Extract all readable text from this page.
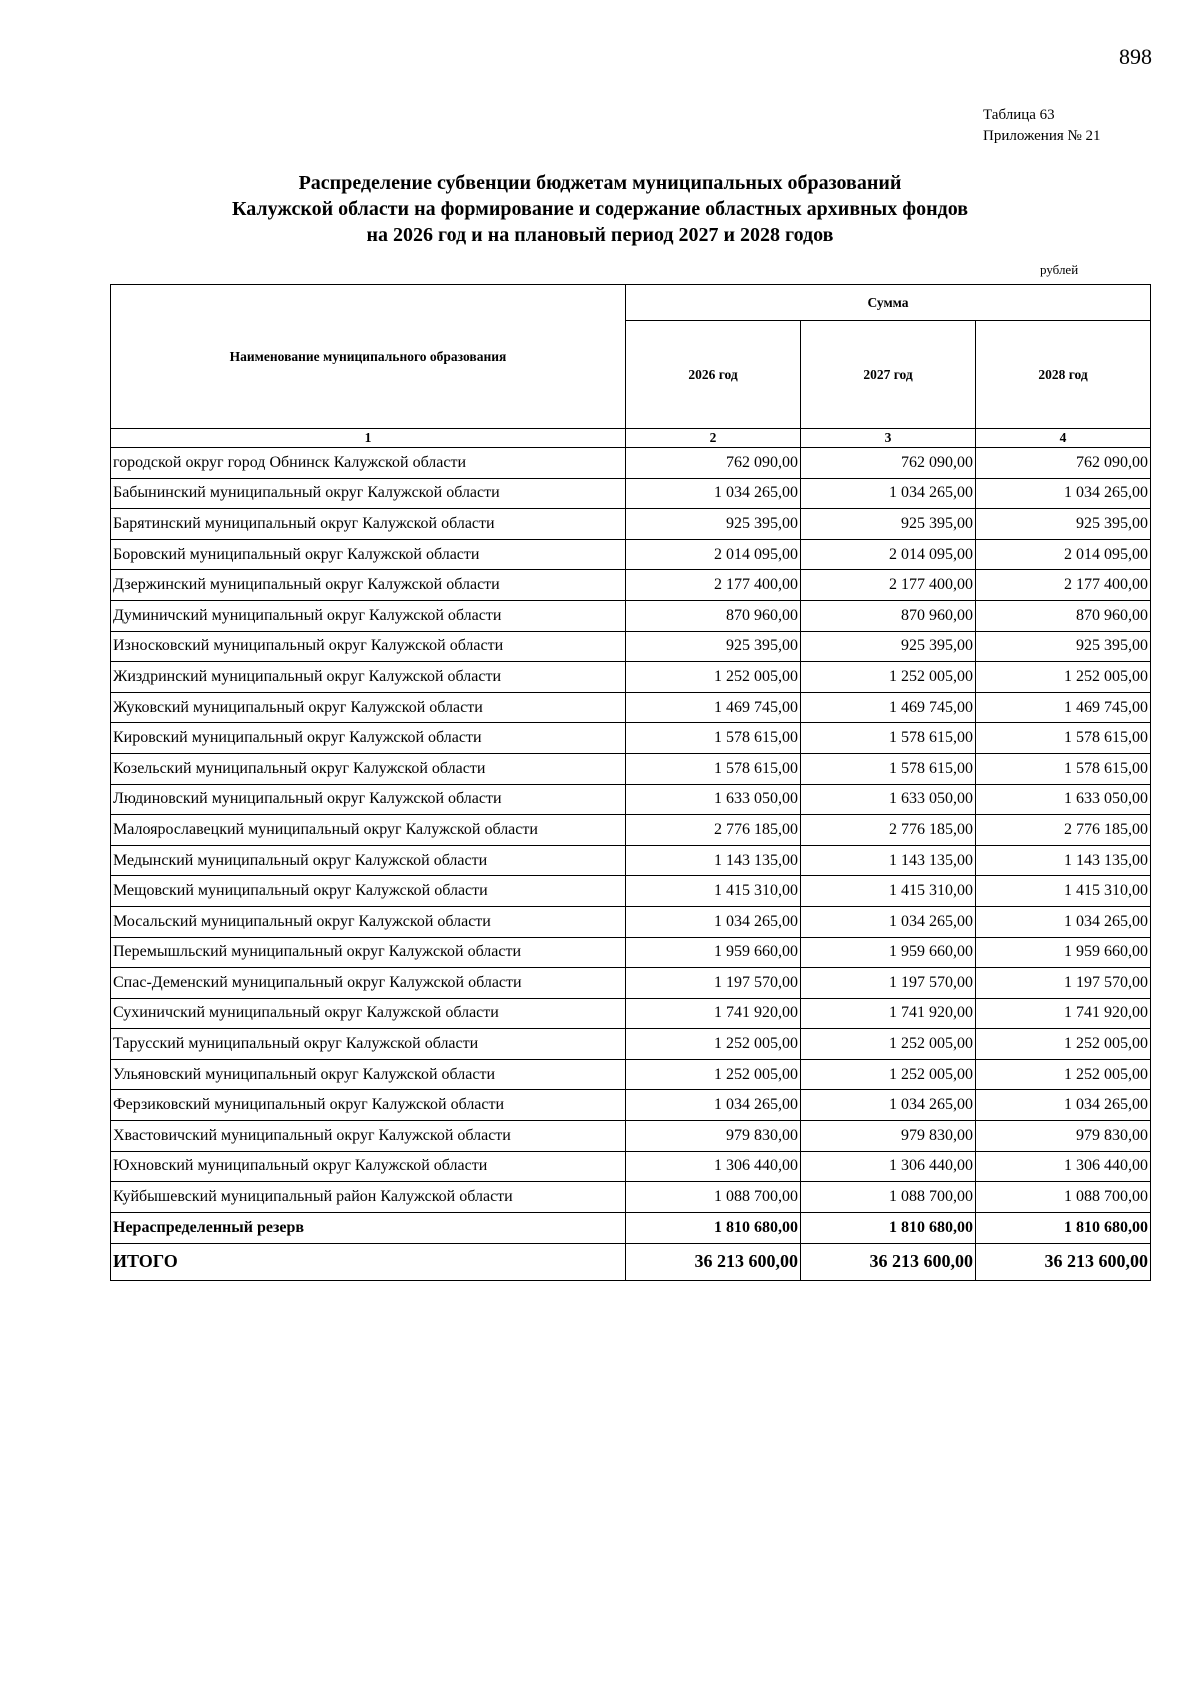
898
Таблица 63
Приложения № 21
Распределение субвенции бюджетам муниципальных образований
Калужской области на формирование и содержание областных архивных фондов
на 2026 год и на плановый период 2027 и 2028 годов
рублей
Наименование муниципального образования	Сумма		
	2026 год	2027 год	2028 год
1	2	3	4
городской округ город Обнинск Калужской области	762 090,00	762 090,00	762 090,00
Бабынинский муниципальный округ Калужской области	1 034 265,00	1 034 265,00	1 034 265,00
Барятинский муниципальный округ Калужской области	925 395,00	925 395,00	925 395,00
Боровский муниципальный округ Калужской области	2 014 095,00	2 014 095,00	2 014 095,00
Дзержинский муниципальный округ Калужской области	2 177 400,00	2 177 400,00	2 177 400,00
Думиничский муниципальный округ Калужской области	870 960,00	870 960,00	870 960,00
Износковский муниципальный округ Калужской области	925 395,00	925 395,00	925 395,00
Жиздринский муниципальный округ Калужской области	1 252 005,00	1 252 005,00	1 252 005,00
Жуковский муниципальный округ Калужской области	1 469 745,00	1 469 745,00	1 469 745,00
Кировский муниципальный округ Калужской области	1 578 615,00	1 578 615,00	1 578 615,00
Козельский муниципальный округ Калужской области	1 578 615,00	1 578 615,00	1 578 615,00
Людиновский муниципальный округ Калужской области	1 633 050,00	1 633 050,00	1 633 050,00
Малоярославецкий муниципальный округ Калужской области	2 776 185,00	2 776 185,00	2 776 185,00
Медынский муниципальный округ Калужской области	1 143 135,00	1 143 135,00	1 143 135,00
Мещовский муниципальный округ Калужской области	1 415 310,00	1 415 310,00	1 415 310,00
Мосальский муниципальный округ Калужской области	1 034 265,00	1 034 265,00	1 034 265,00
Перемышльский муниципальный округ Калужской области	1 959 660,00	1 959 660,00	1 959 660,00
Спас-Деменский муниципальный округ Калужской области	1 197 570,00	1 197 570,00	1 197 570,00
Сухиничский муниципальный округ Калужской области	1 741 920,00	1 741 920,00	1 741 920,00
Тарусский муниципальный округ Калужской области	1 252 005,00	1 252 005,00	1 252 005,00
Ульяновский муниципальный округ Калужской области	1 252 005,00	1 252 005,00	1 252 005,00
Ферзиковский муниципальный округ Калужской области	1 034 265,00	1 034 265,00	1 034 265,00
Хвастовичский муниципальный округ Калужской области	979 830,00	979 830,00	979 830,00
Юхновский муниципальный округ Калужской области	1 306 440,00	1 306 440,00	1 306 440,00
Куйбышевский муниципальный район Калужской области	1 088 700,00	1 088 700,00	1 088 700,00
Нераспределенный резерв	1 810 680,00	1 810 680,00	1 810 680,00
ИТОГО	36 213 600,00	36 213 600,00	36 213 600,00
